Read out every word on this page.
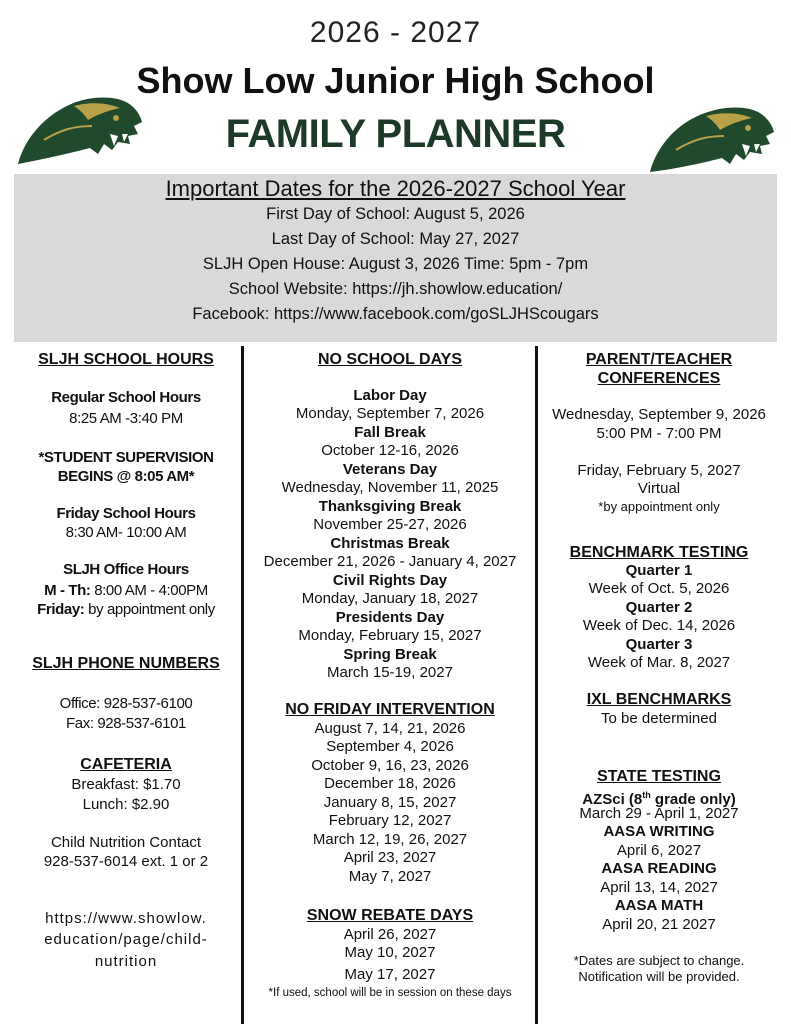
2026 - 2027
Show Low Junior High School
FAMILY PLANNER
Important Dates for the 2026-2027 School Year
First Day of School: August 5, 2026
Last Day of School: May 27, 2027
SLJH Open House: August 3, 2026 Time: 5pm - 7pm
School Website: https://jh.showlow.education/
Facebook: https://www.facebook.com/goSLJHScougars
SLJH SCHOOL HOURS
Regular School Hours
8:25 AM -3:40 PM
*STUDENT SUPERVISION
BEGINS @ 8:05 AM*
Friday School Hours
8:30 AM- 10:00 AM
SLJH Office Hours
M - Th: 8:00 AM - 4:00PM
Friday: by appointment only
SLJH PHONE NUMBERS
Office: 928-537-6100
Fax: 928-537-6101
CAFETERIA
Breakfast: $1.70
Lunch: $2.90
Child Nutrition Contact
928-537-6014 ext. 1 or 2
https://www.showlow.
education/page/child-
nutrition
NO SCHOOL DAYS
Labor Day
Monday, September 7, 2026
Fall Break
October 12-16, 2026
Veterans Day
Wednesday, November 11, 2025
Thanksgiving Break
November 25-27, 2026
Christmas Break
December 21, 2026 - January 4, 2027
Civil Rights Day
Monday, January 18, 2027
Presidents Day
Monday, February 15, 2027
Spring Break
March 15-19, 2027
NO FRIDAY INTERVENTION
August 7, 14, 21, 2026
September 4, 2026
October 9, 16, 23, 2026
December 18, 2026
January 8, 15, 2027
February 12, 2027
March 12, 19, 26, 2027
April 23, 2027
May 7, 2027
SNOW REBATE DAYS
April 26, 2027
May 10, 2027
May 17, 2027
*If used, school will be in session on these days
PARENT/TEACHER
CONFERENCES
Wednesday, September 9, 2026
5:00 PM - 7:00 PM
Friday, February 5, 2027
Virtual
*by appointment only
BENCHMARK TESTING
Quarter 1
Week of Oct. 5, 2026
Quarter 2
Week of Dec. 14, 2026
Quarter 3
Week of Mar. 8, 2027
IXL BENCHMARKS
To be determined
STATE TESTING
AZSci (8th grade only)
March 29 - April 1, 2027
AASA WRITING
April 6, 2027
AASA READING
April 13, 14, 2027
AASA MATH
April 20, 21 2027
*Dates are subject to change.
Notification will be provided.
